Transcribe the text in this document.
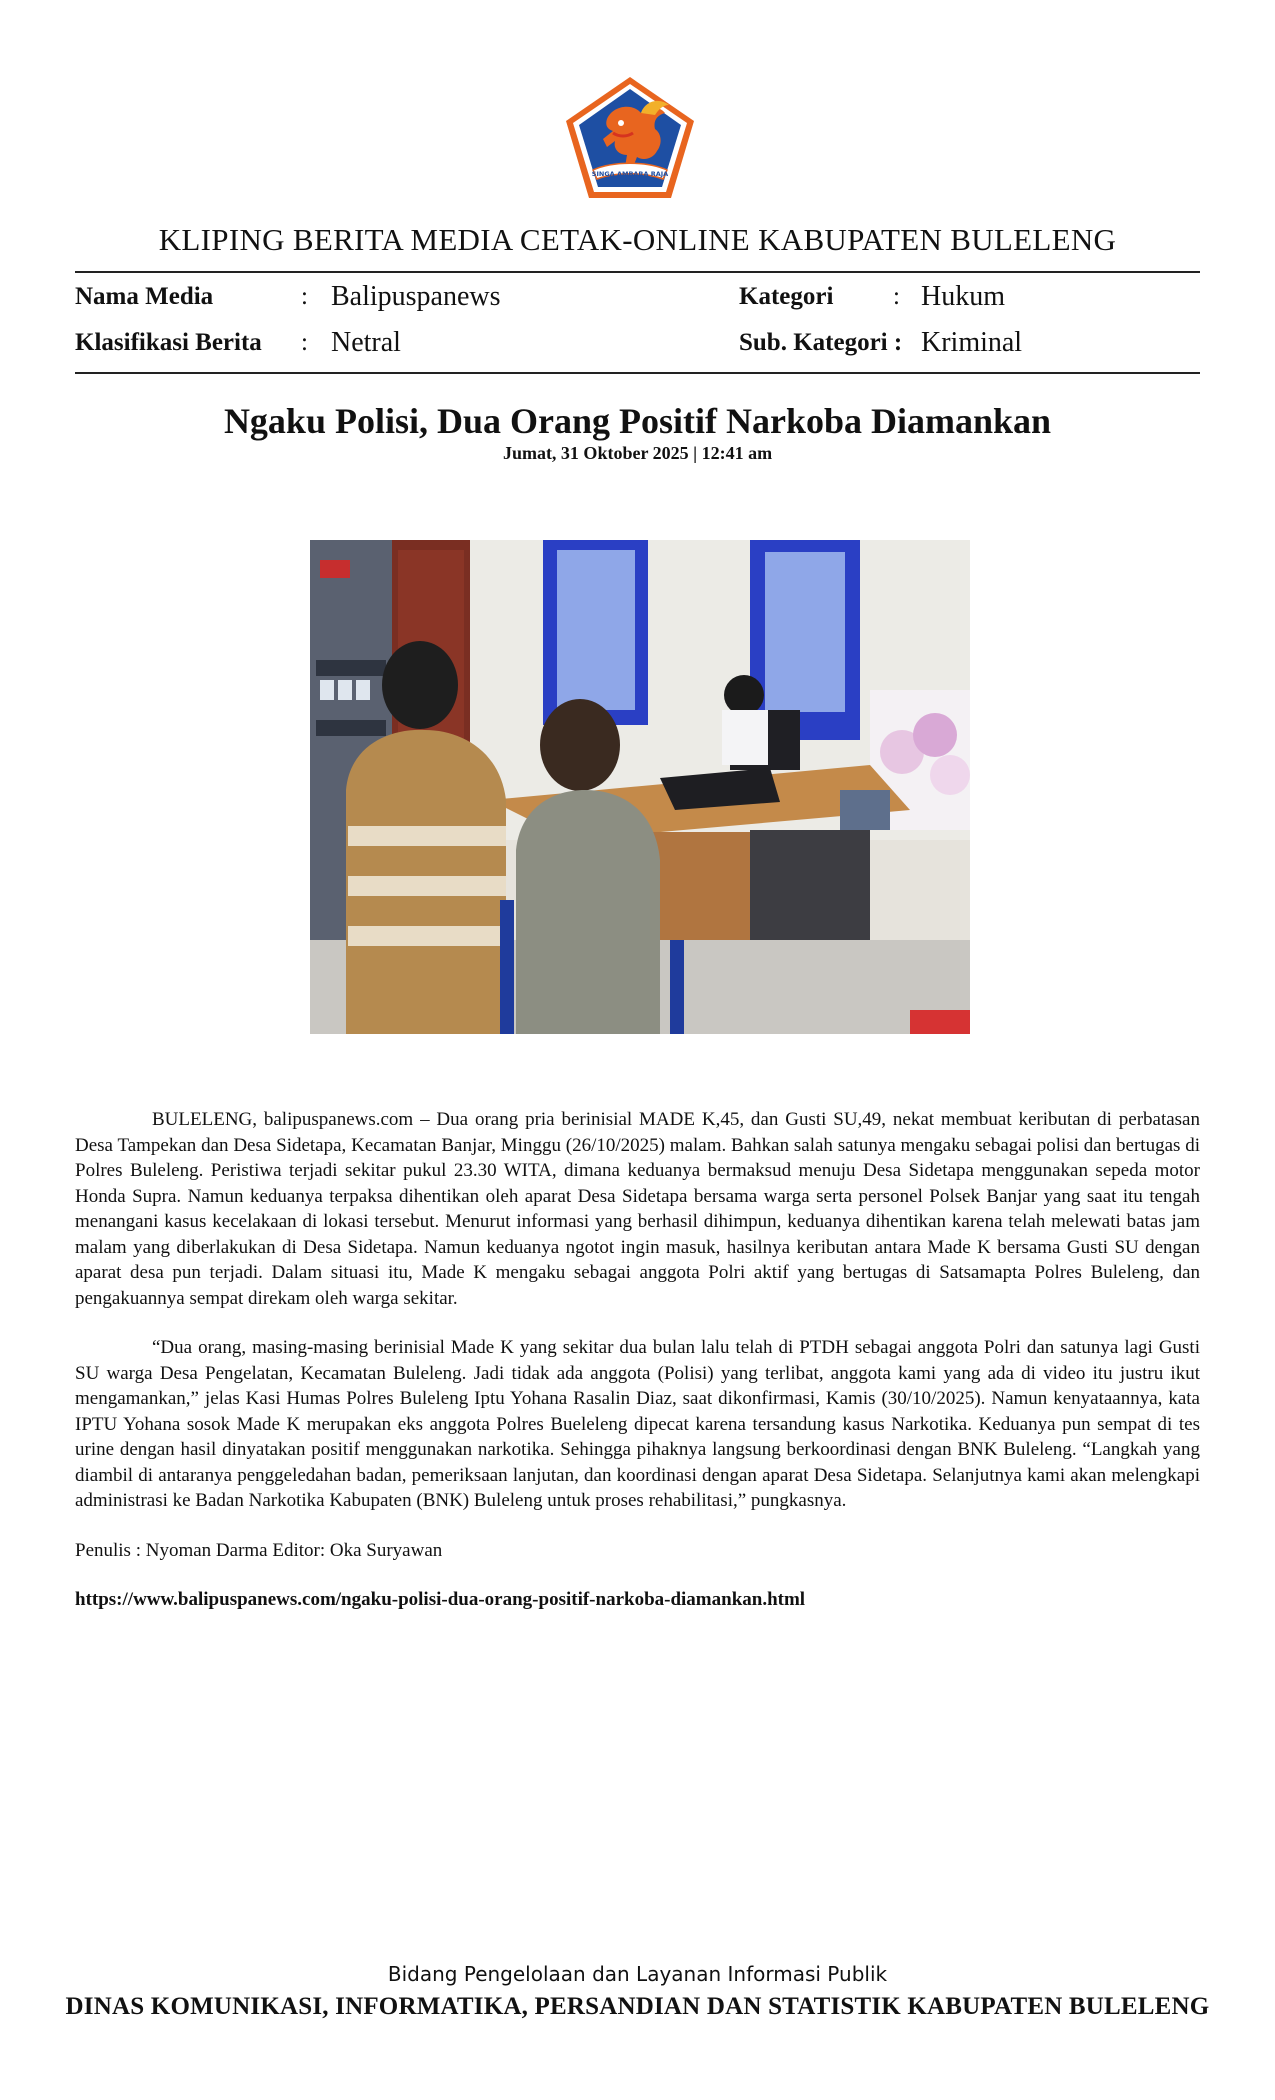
SINGA AMBARA RAJA
KLIPING BERITA MEDIA CETAK-ONLINE KABUPATEN BULELENG
Nama Media	: Balipuspanews
Klasifikasi Berita : Netral
Kategori : Hukum
Sub. Kategori : Kriminal
Ngaku Polisi, Dua Orang Positif Narkoba Diamankan
Jumat, 31 Oktober 2025 | 12:41 am

BULELENG, balipuspanews.com – Dua orang pria berinisial MADE K,45, dan Gusti SU,49, nekat membuat keributan di perbatasan Desa Tampekan dan Desa Sidetapa, Kecamatan Banjar, Minggu (26/10/2025) malam. Bahkan salah satunya mengaku sebagai polisi dan bertugas di Polres Buleleng. Peristiwa terjadi sekitar pukul 23.30 WITA, dimana keduanya bermaksud menuju Desa Sidetapa menggunakan sepeda motor Honda Supra. Namun keduanya terpaksa dihentikan oleh aparat Desa Sidetapa bersama warga serta personel Polsek Banjar yang saat itu tengah menangani kasus kecelakaan di lokasi tersebut. Menurut informasi yang berhasil dihimpun, keduanya dihentikan karena telah melewati batas jam malam yang diberlakukan di Desa Sidetapa. Namun keduanya ngotot ingin masuk, hasilnya keributan antara Made K bersama Gusti SU dengan aparat desa pun terjadi. Dalam situasi itu, Made K mengaku sebagai anggota Polri aktif yang bertugas di Satsamapta Polres Buleleng, dan pengakuannya sempat direkam oleh warga sekitar.

“Dua orang, masing-masing berinisial Made K yang sekitar dua bulan lalu telah di PTDH sebagai anggota Polri dan satunya lagi Gusti SU warga Desa Pengelatan, Kecamatan Buleleng. Jadi tidak ada anggota (Polisi) yang terlibat, anggota kami yang ada di video itu justru ikut mengamankan,” jelas Kasi Humas Polres Buleleng Iptu Yohana Rasalin Diaz, saat dikonfirmasi, Kamis (30/10/2025). Namun kenyataannya, kata IPTU Yohana sosok Made K merupakan eks anggota Polres Bueleleng dipecat karena tersandung kasus Narkotika. Keduanya pun sempat di tes urine dengan hasil dinyatakan positif menggunakan narkotika. Sehingga pihaknya langsung berkoordinasi dengan BNK Buleleng. “Langkah yang diambil di antaranya penggeledahan badan, pemeriksaan lanjutan, dan koordinasi dengan aparat Desa Sidetapa. Selanjutnya kami akan melengkapi administrasi ke Badan Narkotika Kabupaten (BNK) Buleleng untuk proses rehabilitasi,” pungkasnya.

Penulis : Nyoman Darma Editor: Oka Suryawan

https://www.balipuspanews.com/ngaku-polisi-dua-orang-positif-narkoba-diamankan.html

Bidang Pengelolaan dan Layanan Informasi Publik
DINAS KOMUNIKASI, INFORMATIKA, PERSANDIAN DAN STATISTIK KABUPATEN BULELENG
